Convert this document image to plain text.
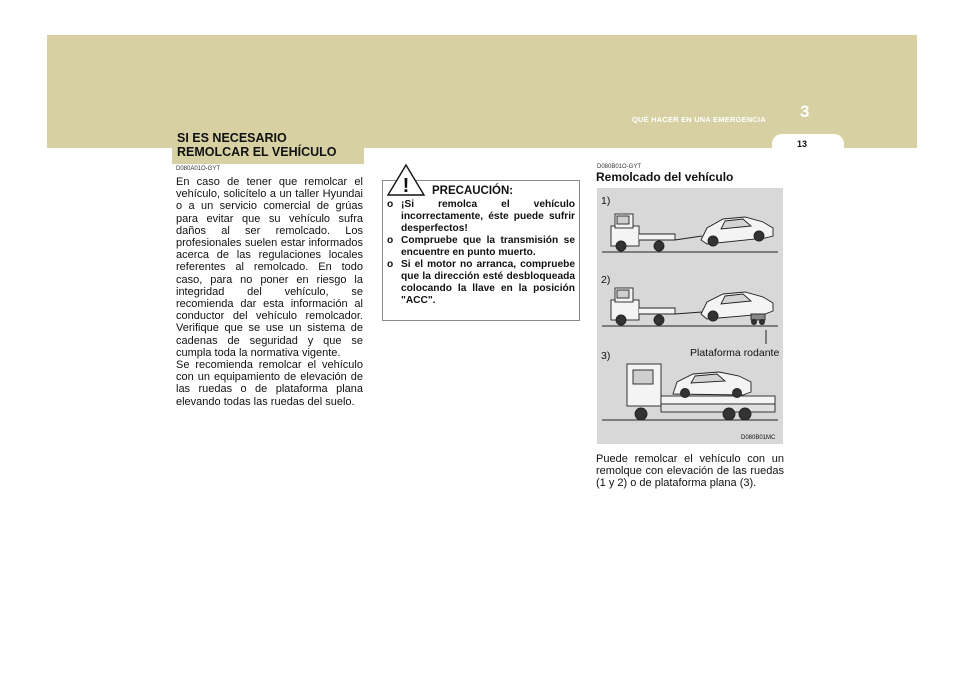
3
QUÉ HACER EN UNA EMERGENCIA
13
SI ES NECESARIO
REMOLCAR EL VEHÍCULO
D080A01O-GYT
En caso de tener que remolcar el vehículo, solicítelo a un taller Hyundai o a un servicio comercial de grúas para evitar que su vehículo sufra daños al ser remolcado. Los profesionales suelen estar informados acerca de las regulaciones locales referentes al remolcado. En todo caso, para no poner en riesgo la integridad del vehículo, se recomienda dar esta información al conductor del vehículo remolcador. Verifique que se use un sistema de cadenas de seguridad y que se cumpla toda la normativa vigente.
Se recomienda remolcar el vehículo con un equipamiento de elevación de las ruedas o de plataforma plana elevando todas las ruedas del suelo.
! PRECAUCIÓN:
o ¡Si remolca el vehículo incorrectamente, éste puede sufrir desperfectos!
o Compruebe que la transmisión se encuentre en punto muerto.
o Si el motor no arranca, compruebe que la dirección esté desbloqueada colocando la llave en la posición "ACC".
D080B01O-GYT
Remolcado del vehículo
1)
2)
3)	Plataforma rodante
D080B01MC
Puede remolcar el vehículo con un remolque con elevación de las ruedas (1 y 2) o de plataforma plana (3).
